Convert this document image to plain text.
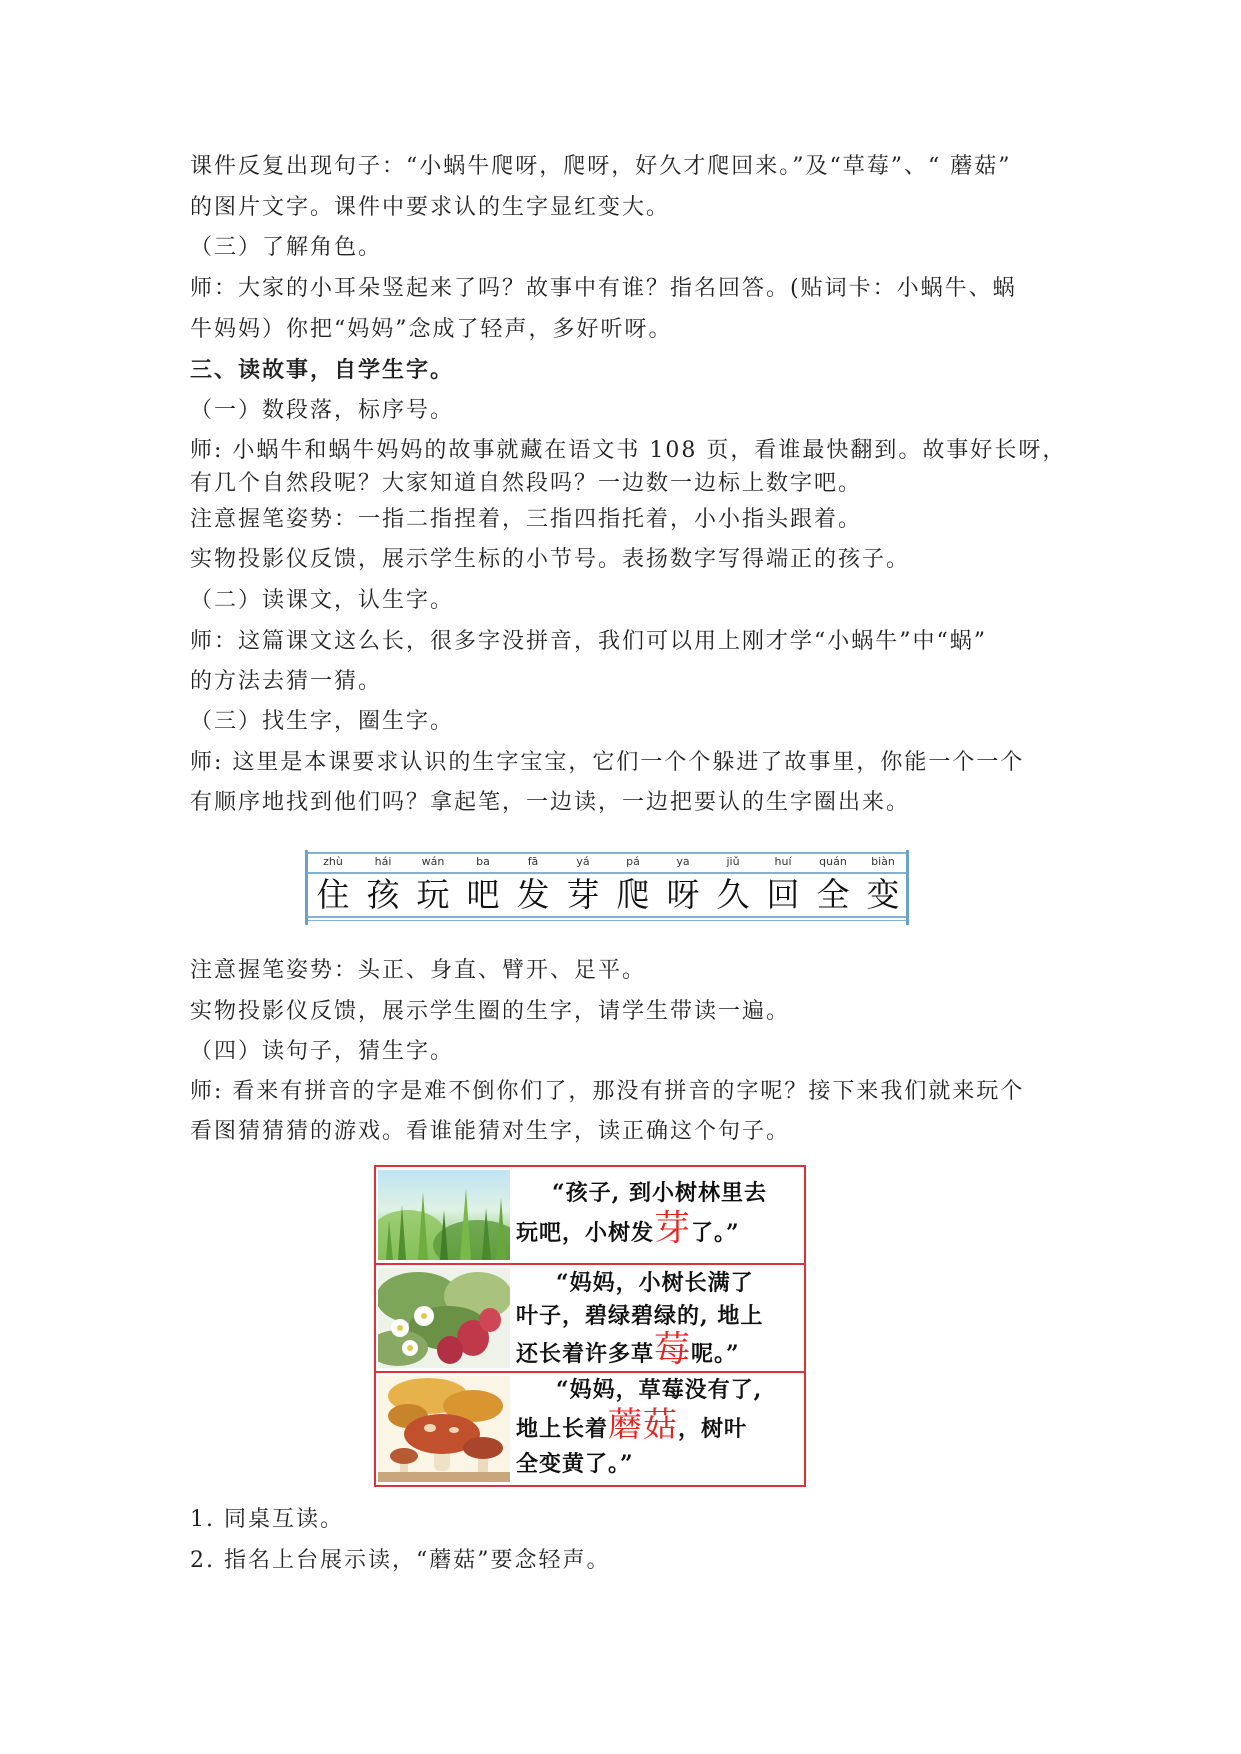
课件反复出现句子：“小蜗牛爬呀，爬呀，好久才爬回来。”及“草莓”、“ 蘑菇”
的图片文字。课件中要求认的生字显红变大。
（三）了解角色。
师：大家的小耳朵竖起来了吗？故事中有谁？指名回答。(贴词卡：小蜗牛、蜗
牛妈妈）你把“妈妈”念成了轻声，多好听呀。
三、读故事，自学生字。
（一）数段落，标序号。
师: 小蜗牛和蜗牛妈妈的故事就藏在语文书 108 页，看谁最快翻到。故事好长呀，
有几个自然段呢？大家知道自然段吗？一边数一边标上数字吧。
注意握笔姿势：一指二指捏着，三指四指托着，小小指头跟着。
实物投影仪反馈，展示学生标的小节号。表扬数字写得端正的孩子。
（二）读课文，认生字。
师：这篇课文这么长，很多字没拼音，我们可以用上刚才学“小蜗牛”中“蜗”
的方法去猜一猜。
（三）找生字，圈生字。
师: 这里是本课要求认识的生字宝宝，它们一个个躲进了故事里，你能一个一个
有顺序地找到他们吗？拿起笔，一边读，一边把要认的生字圈出来。
zhù
住
hái
孩
wán
玩
ba
吧
fā
发
yá
芽
pá
爬
ya
呀
jiǔ
久
huí
回
quán
全
biàn
变
注意握笔姿势：头正、身直、臂开、足平。
实物投影仪反馈，展示学生圈的生字，请学生带读一遍。
（四）读句子，猜生字。
师: 看来有拼音的字是难不倒你们了，那没有拼音的字呢？接下来我们就来玩个
看图猜猜猜的游戏。看谁能猜对生字，读正确这个句子。
“孩子, 到小树林里去
玩吧，小树发芽了。”
“妈妈，小树长满了
叶子，碧绿碧绿的, 地上
还长着许多草莓呢。”
“妈妈，草莓没有了,
地上长着蘑菇，树叶
全变黄了。”
1. 同桌互读。
2. 指名上台展示读，“蘑菇”要念轻声。
